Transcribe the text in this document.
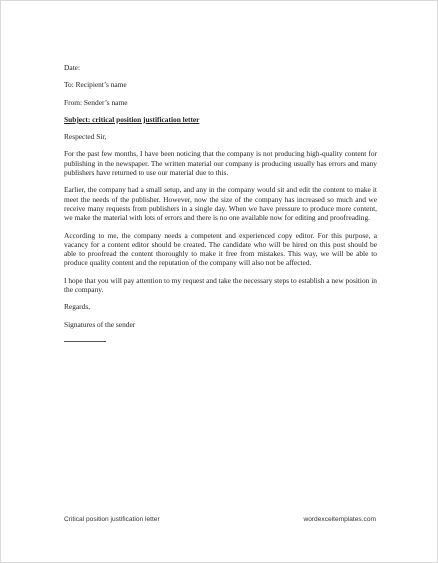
Date:

To: Recipient’s name

From: Sender’s name

Subject: critical position justification letter

Respected Sir,

For the past few months, I have been noticing that the company is not producing high-quality content for publishing in the newspaper. The written material our company is producing usually has errors and many publishers have returned to use our material due to this.

Earlier, the company had a small setup, and any in the company would sit and edit the content to make it meet the needs of the publisher. However, now the size of the company has increased so much and we receive many requests from publishers in a single day. When we have pressure to produce more content, we make the material with lots of errors and there is no one available now for editing and proofreading.

According to me, the company needs a competent and experienced copy editor. For this purpose, a vacancy for a content editor should be created. The candidate who will be hired on this post should be able to proofread the content thoroughly to make it free from mistakes. This way, we will be able to produce quality content and the reputation of the company will also not be affected.

I hope that you will pay attention to my request and take the necessary steps to establish a new position in the company.

Regards,

Signatures of the sender

Critical position justification letter	wordexceltemplates.com
